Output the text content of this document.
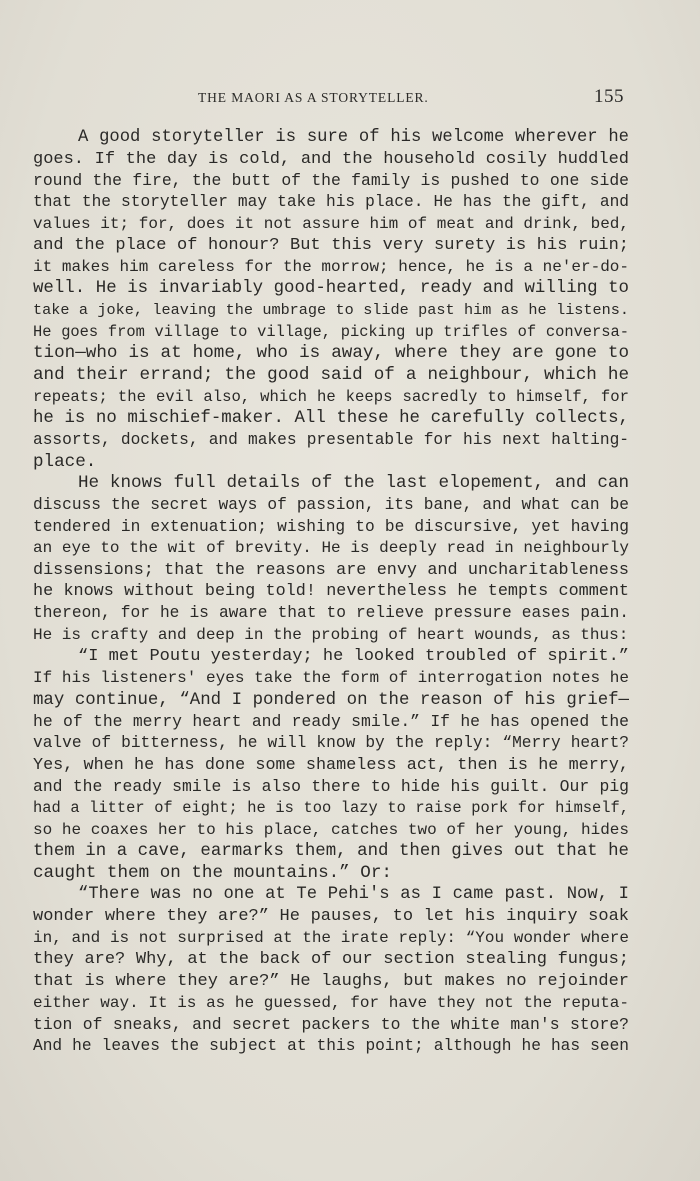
THE MAORI AS A STORYTELLER.	155
A good storyteller is sure of his welcome wherever he
goes. If the day is cold, and the household cosily huddled
round the fire, the butt of the family is pushed to one side
that the storyteller may take his place. He has the gift, and
values it; for, does it not assure him of meat and drink, bed,
and the place of honour? But this very surety is his ruin;
it makes him careless for the morrow; hence, he is a ne'er-do-
well. He is invariably good-hearted, ready and willing to
take a joke, leaving the umbrage to slide past him as he listens.
He goes from village to village, picking up trifles of conversa-
tion—who is at home, who is away, where they are gone to
and their errand; the good said of a neighbour, which he
repeats; the evil also, which he keeps sacredly to himself, for
he is no mischief-maker. All these he carefully collects,
assorts, dockets, and makes presentable for his next halting-
place.
He knows full details of the last elopement, and can
discuss the secret ways of passion, its bane, and what can be
tendered in extenuation; wishing to be discursive, yet having
an eye to the wit of brevity. He is deeply read in neighbourly
dissensions; that the reasons are envy and uncharitableness
he knows without being told! nevertheless he tempts comment
thereon, for he is aware that to relieve pressure eases pain.
He is crafty and deep in the probing of heart wounds, as thus:
“I met Poutu yesterday; he looked troubled of spirit.”
If his listeners' eyes take the form of interrogation notes he
may continue, “And I pondered on the reason of his grief—
he of the merry heart and ready smile.” If he has opened the
valve of bitterness, he will know by the reply: “Merry heart?
Yes, when he has done some shameless act, then is he merry,
and the ready smile is also there to hide his guilt. Our pig
had a litter of eight; he is too lazy to raise pork for himself,
so he coaxes her to his place, catches two of her young, hides
them in a cave, earmarks them, and then gives out that he
caught them on the mountains.” Or:
“There was no one at Te Pehi's as I came past. Now, I
wonder where they are?” He pauses, to let his inquiry soak
in, and is not surprised at the irate reply: “You wonder where
they are? Why, at the back of our section stealing fungus;
that is where they are?” He laughs, but makes no rejoinder
either way. It is as he guessed, for have they not the reputa-
tion of sneaks, and secret packers to the white man's store?
And he leaves the subject at this point; although he has seen
